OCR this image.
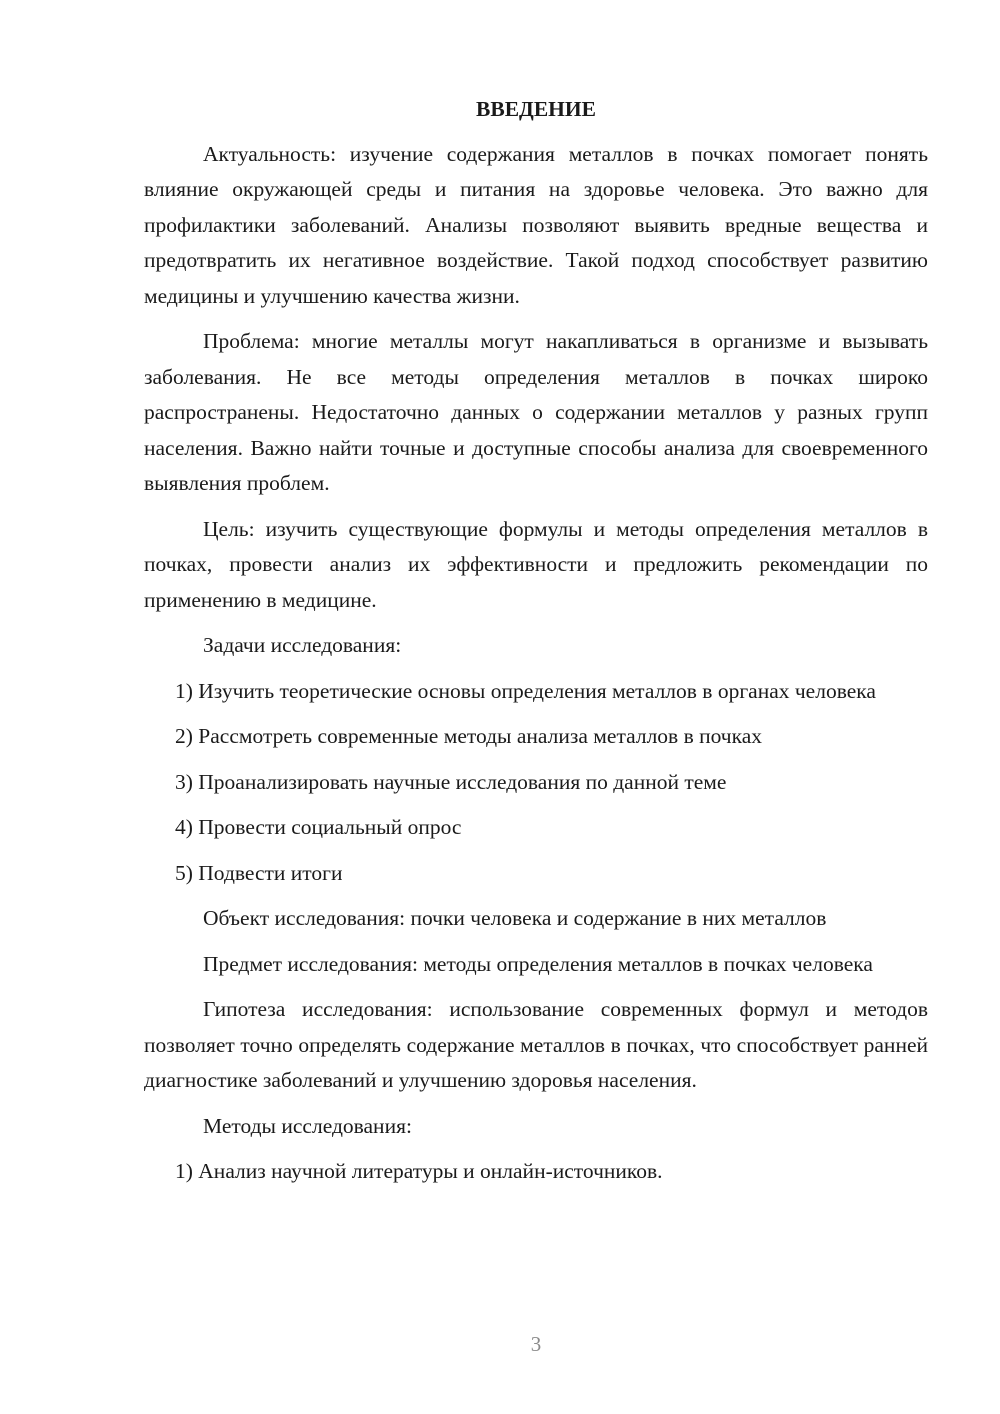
ВВЕДЕНИЕ

Актуальность: изучение содержания металлов в почках помогает понять влияние окружающей среды и питания на здоровье человека. Это важно для профилактики заболеваний. Анализы позволяют выявить вредные вещества и предотвратить их негативное воздействие. Такой подход способствует развитию медицины и улучшению качества жизни.

Проблема: многие металлы могут накапливаться в организме и вызывать заболевания. Не все методы определения металлов в почках широко распространены. Недостаточно данных о содержании металлов у разных групп населения. Важно найти точные и доступные способы анализа для своевременного выявления проблем.

Цель: изучить существующие формулы и методы определения металлов в почках, провести анализ их эффективности и предложить рекомендации по применению в медицине.

Задачи исследования:

1) Изучить теоретические основы определения металлов в органах человека

2) Рассмотреть современные методы анализа металлов в почках

3) Проанализировать научные исследования по данной теме

4) Провести социальный опрос

5) Подвести итоги

Объект исследования: почки человека и содержание в них металлов

Предмет исследования: методы определения металлов в почках человека

Гипотеза исследования: использование современных формул и методов позволяет точно определять содержание металлов в почках, что способствует ранней диагностике заболеваний и улучшению здоровья населения.

Методы исследования:

1) Анализ научной литературы и онлайн-источников.

3
